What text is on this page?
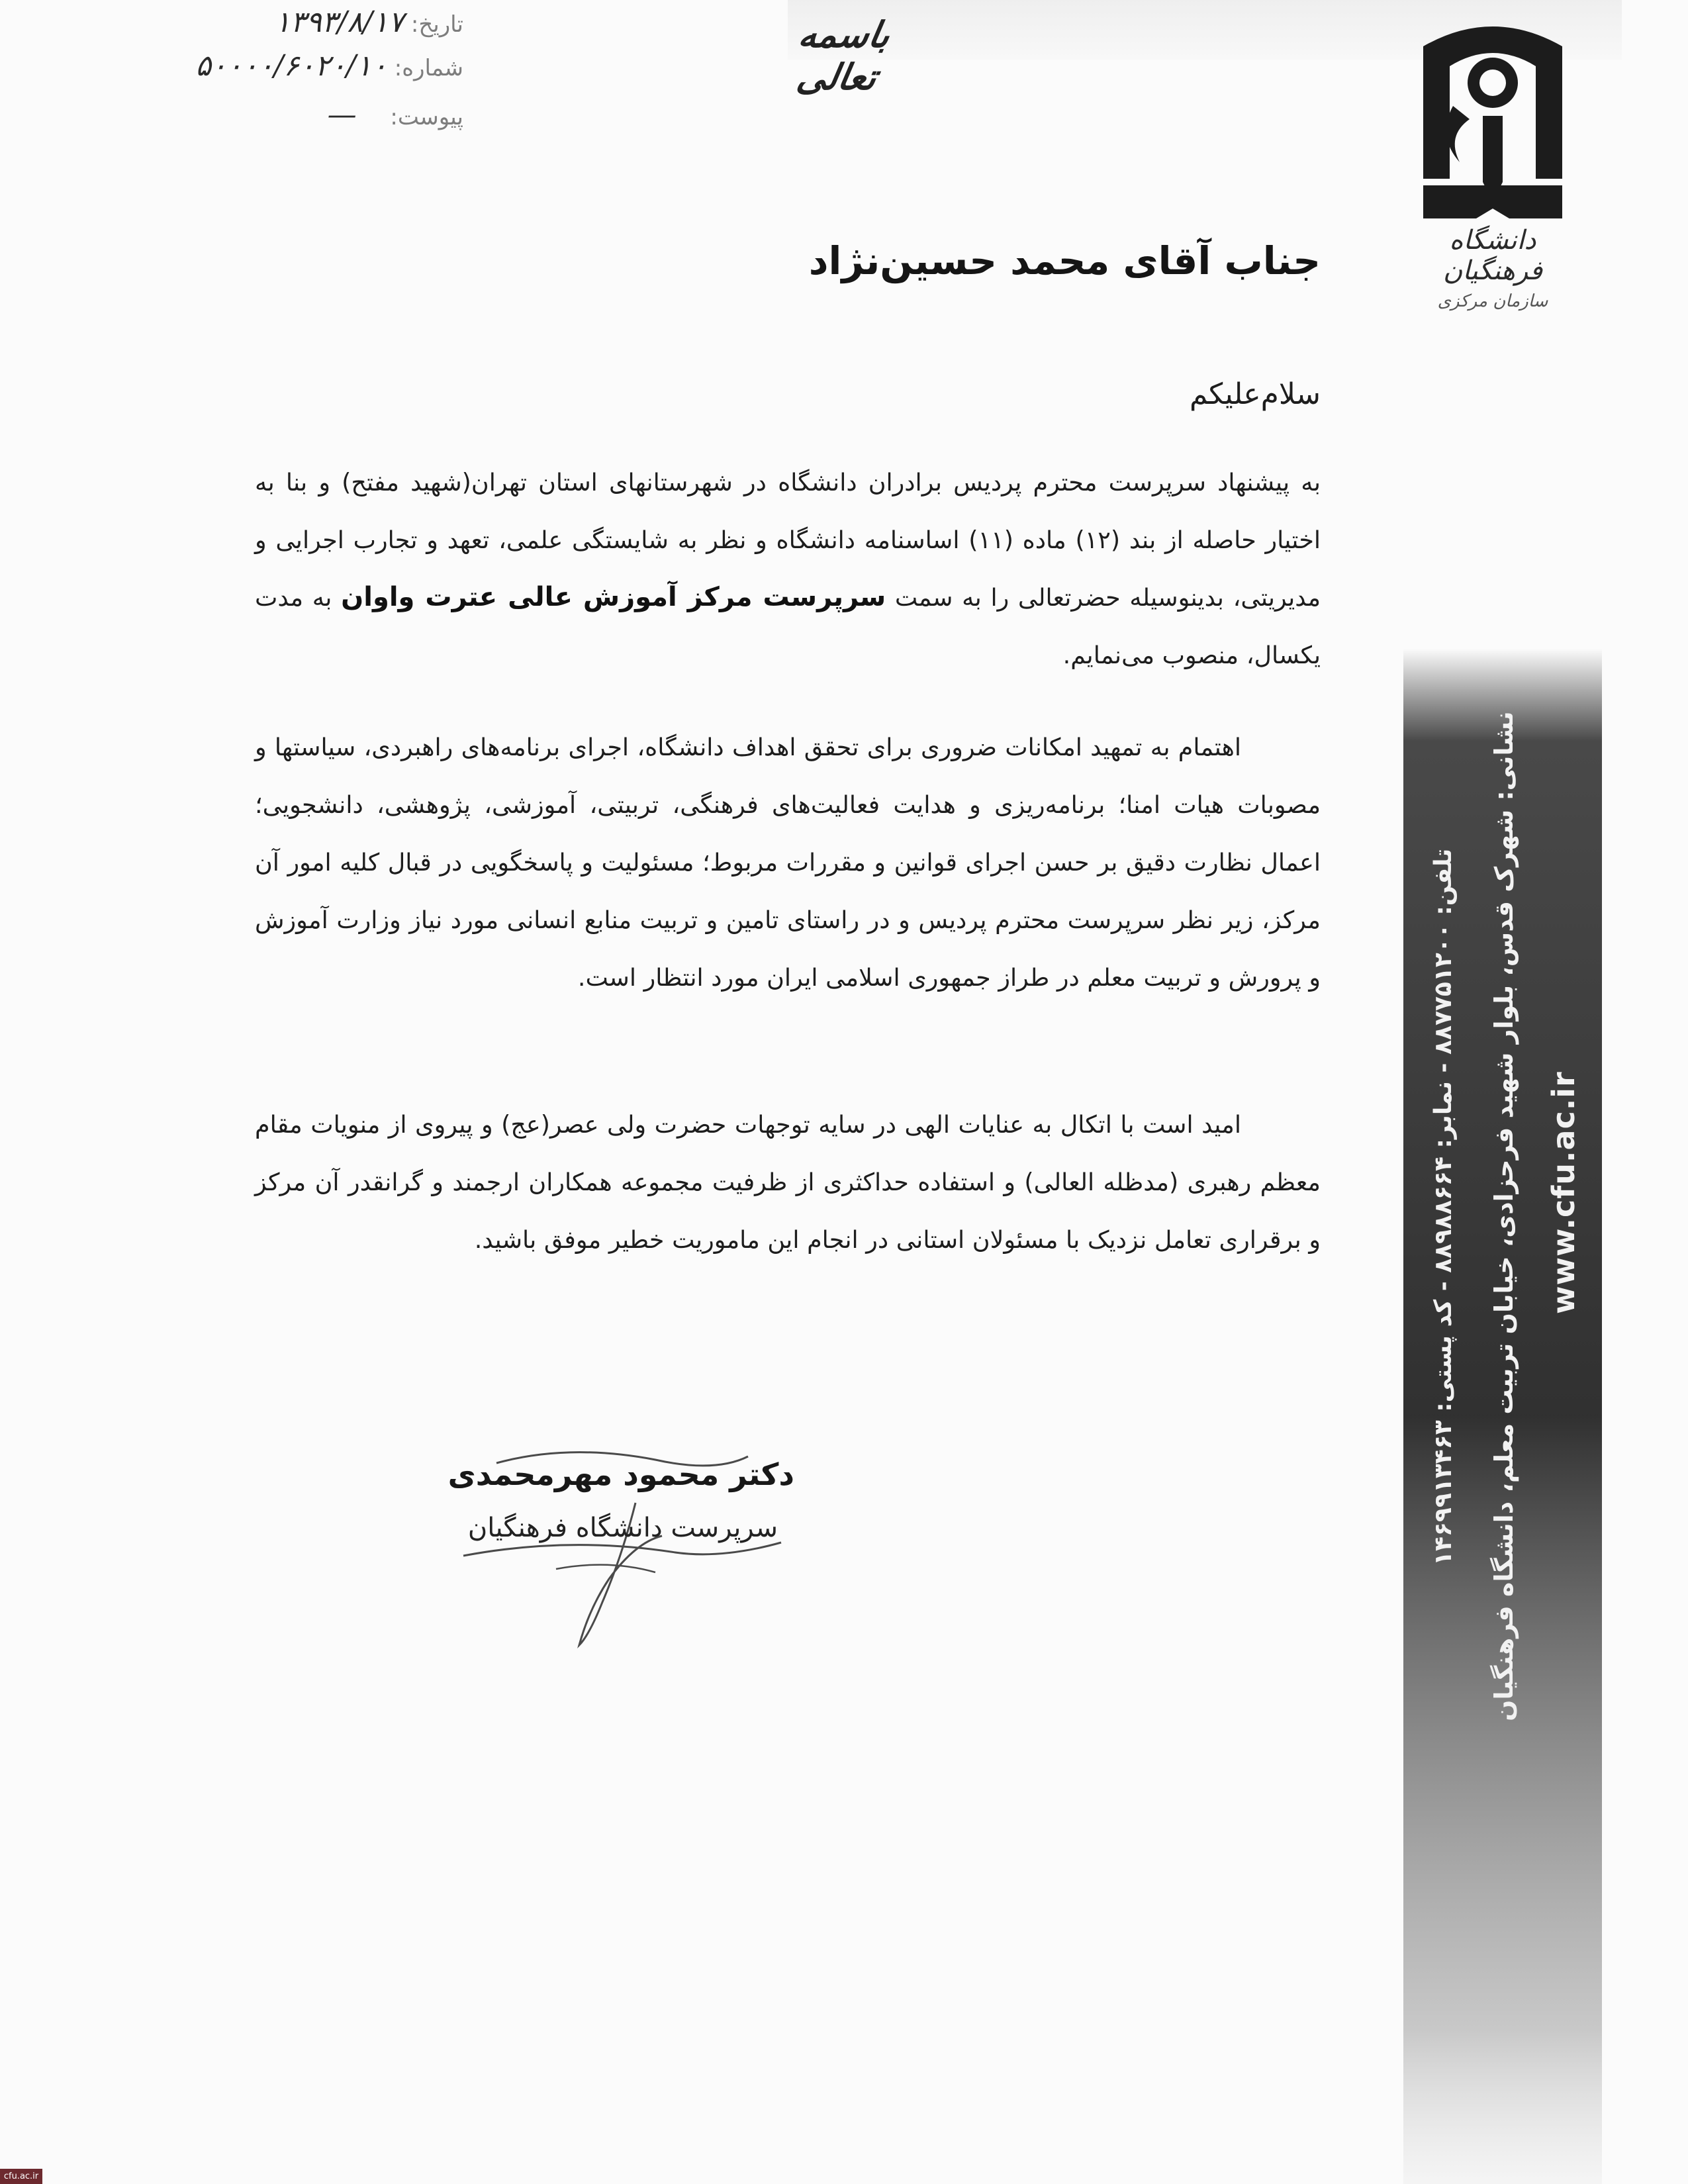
تاریخ: ۱۳۹۳/۸/۱۷
شماره: ۵۰۰۰۰/۶۰۲۰/۱۰
پیوست: —
باسمه تعالی
دانشگاه فرهنگیان
سازمان مرکزی
جناب آقای محمد حسین‌نژاد
سلام‌علیکم
به پیشنهاد سرپرست محترم پردیس برادران دانشگاه در شهرستانهای استان تهران(شهید مفتح) و بنا به اختیار حاصله از بند (۱۲) ماده (۱۱) اساسنامه دانشگاه و نظر به شایستگی علمی، تعهد و تجارب اجرایی و مدیریتی، بدینوسیله حضرتعالی را به سمت سرپرست مرکز آموزش عالی عترت واوان به مدت یکسال، منصوب می‌نمایم.
اهتمام به تمهید امکانات ضروری برای تحقق اهداف دانشگاه، اجرای برنامه‌های راهبردی، سیاستها و مصوبات هیات امنا؛ برنامه‌ریزی و هدایت فعالیت‌های فرهنگی، تربیتی، آموزشی، پژوهشی، دانشجویی؛ اعمال نظارت دقیق بر حسن اجرای قوانین و مقررات مربوط؛ مسئولیت و پاسخگویی در قبال کلیه امور آن مرکز، زیر نظر سرپرست محترم پردیس و در راستای تامین و تربیت منابع انسانی مورد نیاز وزارت آموزش و پرورش و تربیت معلم در طراز جمهوری اسلامی ایران مورد انتظار است.
امید است با اتکال به عنایات الهی در سایه توجهات حضرت ولی عصر(عج) و پیروی از منویات مقام معظم رهبری (مدظله العالی) و استفاده حداکثری از ظرفیت مجموعه همکاران ارجمند و گرانقدر آن مرکز و برقراری تعامل نزدیک با مسئولان استانی در انجام این ماموریت خطیر موفق باشید.
دکتر محمود مهرمحمدی
سرپرست دانشگاه فرهنگیان
www.cfu.ac.ir
نشانی: شهرک قدس، بلوار شهید فرحزادی، خیابان تربیت معلم، دانشگاه فرهنگیان
تلفن: ۸۸۷۷۵۱۲۰۰ - نمابر: ۸۸۹۸۸۶۶۴ - کد پستی: ۱۴۶۹۹۱۳۴۶۳
cfu.ac.ir
